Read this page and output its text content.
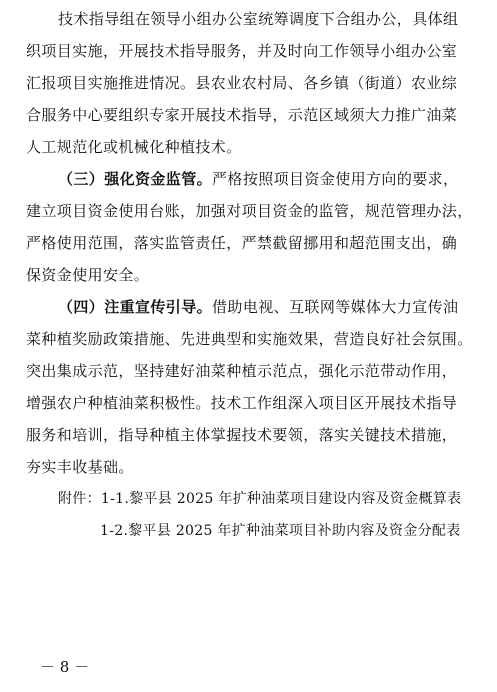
技术指导组在领导小组办公室统筹调度下合组办公，具体组
织项目实施，开展技术指导服务，并及时向工作领导小组办公室
汇报项目实施推进情况。县农业农村局、各乡镇（街道）农业综
合服务中心要组织专家开展技术指导，示范区域须大力推广油菜
人工规范化或机械化种植技术。
（三）强化资金监管。严格按照项目资金使用方向的要求，
建立项目资金使用台账，加强对项目资金的监管，规范管理办法，
严格使用范围，落实监管责任，严禁截留挪用和超范围支出，确
保资金使用安全。
（四）注重宣传引导。借助电视、互联网等媒体大力宣传油
菜种植奖励政策措施、先进典型和实施效果，营造良好社会氛围。
突出集成示范，坚持建好油菜种植示范点，强化示范带动作用，
增强农户种植油菜积极性。技术工作组深入项目区开展技术指导
服务和培训，指导种植主体掌握技术要领，落实关键技术措施，
夯实丰收基础。
附件：1-1.黎平县 2025 年扩种油菜项目建设内容及资金概算表
1-2.黎平县 2025 年扩种油菜项目补助内容及资金分配表
－ 8 －
